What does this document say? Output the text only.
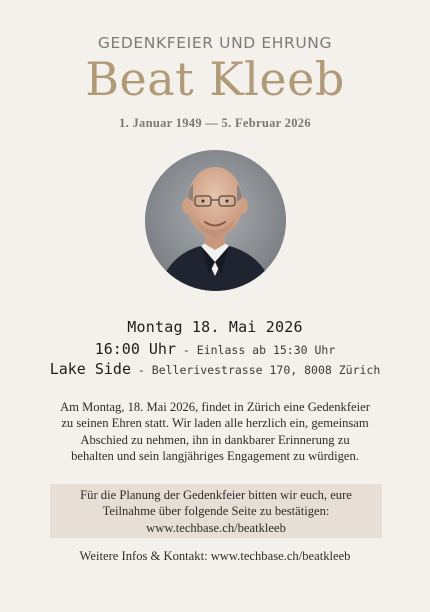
GEDENKFEIER UND EHRUNG
Beat Kleeb
1. Januar 1949 — 5. Februar 2026
Montag 18. Mai 2026
16:00 Uhr - Einlass ab 15:30 Uhr
Lake Side - Bellerivestrasse 170, 8008 Zürich
Am Montag, 18. Mai 2026, findet in Zürich eine Gedenkfeier
zu seinen Ehren statt. Wir laden alle herzlich ein, gemeinsam
Abschied zu nehmen, ihn in dankbarer Erinnerung zu
behalten und sein langjähriges Engagement zu würdigen.
Für die Planung der Gedenkfeier bitten wir euch, eure
Teilnahme über folgende Seite zu bestätigen:
www.techbase.ch/beatkleeb
Weitere Infos & Kontakt: www.techbase.ch/beatkleeb
